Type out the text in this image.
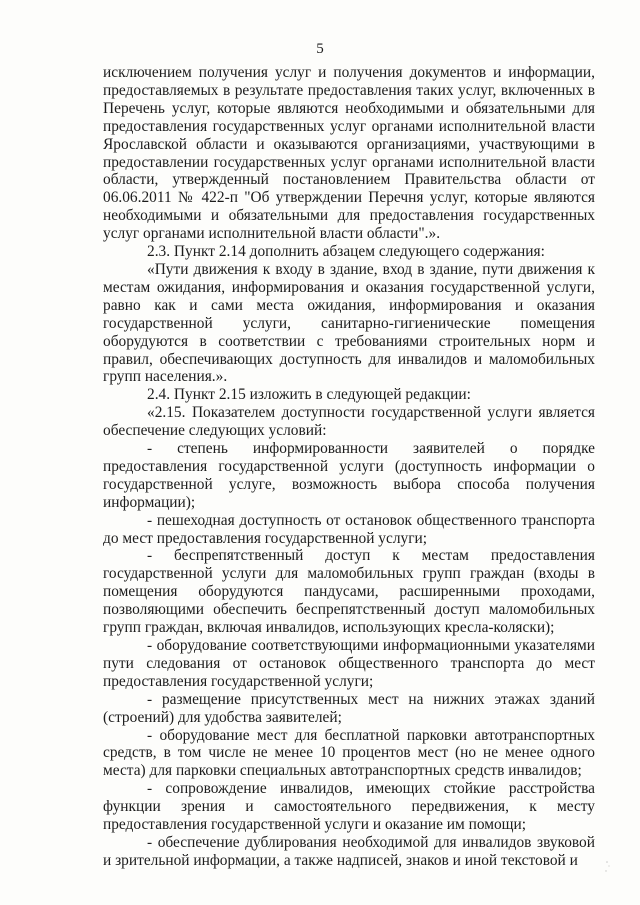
5

исключением получения услуг и получения документов и информации, предоставляемых в результате предоставления таких услуг, включенных в Перечень услуг, которые являются необходимыми и обязательными для предоставления государственных услуг органами исполнительной власти Ярославской области и оказываются организациями, участвующими в предоставлении государственных услуг органами исполнительной власти области, утвержденный постановлением Правительства области от 06.06.2011 № 422-п "Об утверждении Перечня услуг, которые являются необходимыми и обязательными для предоставления государственных услуг органами исполнительной власти области".».

2.3. Пункт 2.14 дополнить абзацем следующего содержания:

«Пути движения к входу в здание, вход в здание, пути движения к местам ожидания, информирования и оказания государственной услуги, равно как и сами места ожидания, информирования и оказания государственной услуги, санитарно-гигиенические помещения оборудуются в соответствии с требованиями строительных норм и правил, обеспечивающих доступность для инвалидов и маломобильных групп населения.».

2.4. Пункт 2.15 изложить в следующей редакции:

«2.15. Показателем доступности государственной услуги является обеспечение следующих условий:

- степень информированности заявителей о порядке предоставления государственной услуги (доступность информации о государственной услуге, возможность выбора способа получения информации);

- пешеходная доступность от остановок общественного транспорта до мест предоставления государственной услуги;

- беспрепятственный доступ к местам предоставления государственной услуги для маломобильных групп граждан (входы в помещения оборудуются пандусами, расширенными проходами, позволяющими обеспечить беспрепятственный доступ маломобильных групп граждан, включая инвалидов, использующих кресла-коляски);

- оборудование соответствующими информационными указателями пути следования от остановок общественного транспорта до мест предоставления государственной услуги;

- размещение присутственных мест на нижних этажах зданий (строений) для удобства заявителей;

- оборудование мест для бесплатной парковки автотранспортных средств, в том числе не менее 10 процентов мест (но не менее одного места) для парковки специальных автотранспортных средств инвалидов;

- сопровождение инвалидов, имеющих стойкие расстройства функции зрения и самостоятельного передвижения, к месту предоставления государственной услуги и оказание им помощи;

- обеспечение дублирования необходимой для инвалидов звуковой и зрительной информации, а также надписей, знаков и иной текстовой и
